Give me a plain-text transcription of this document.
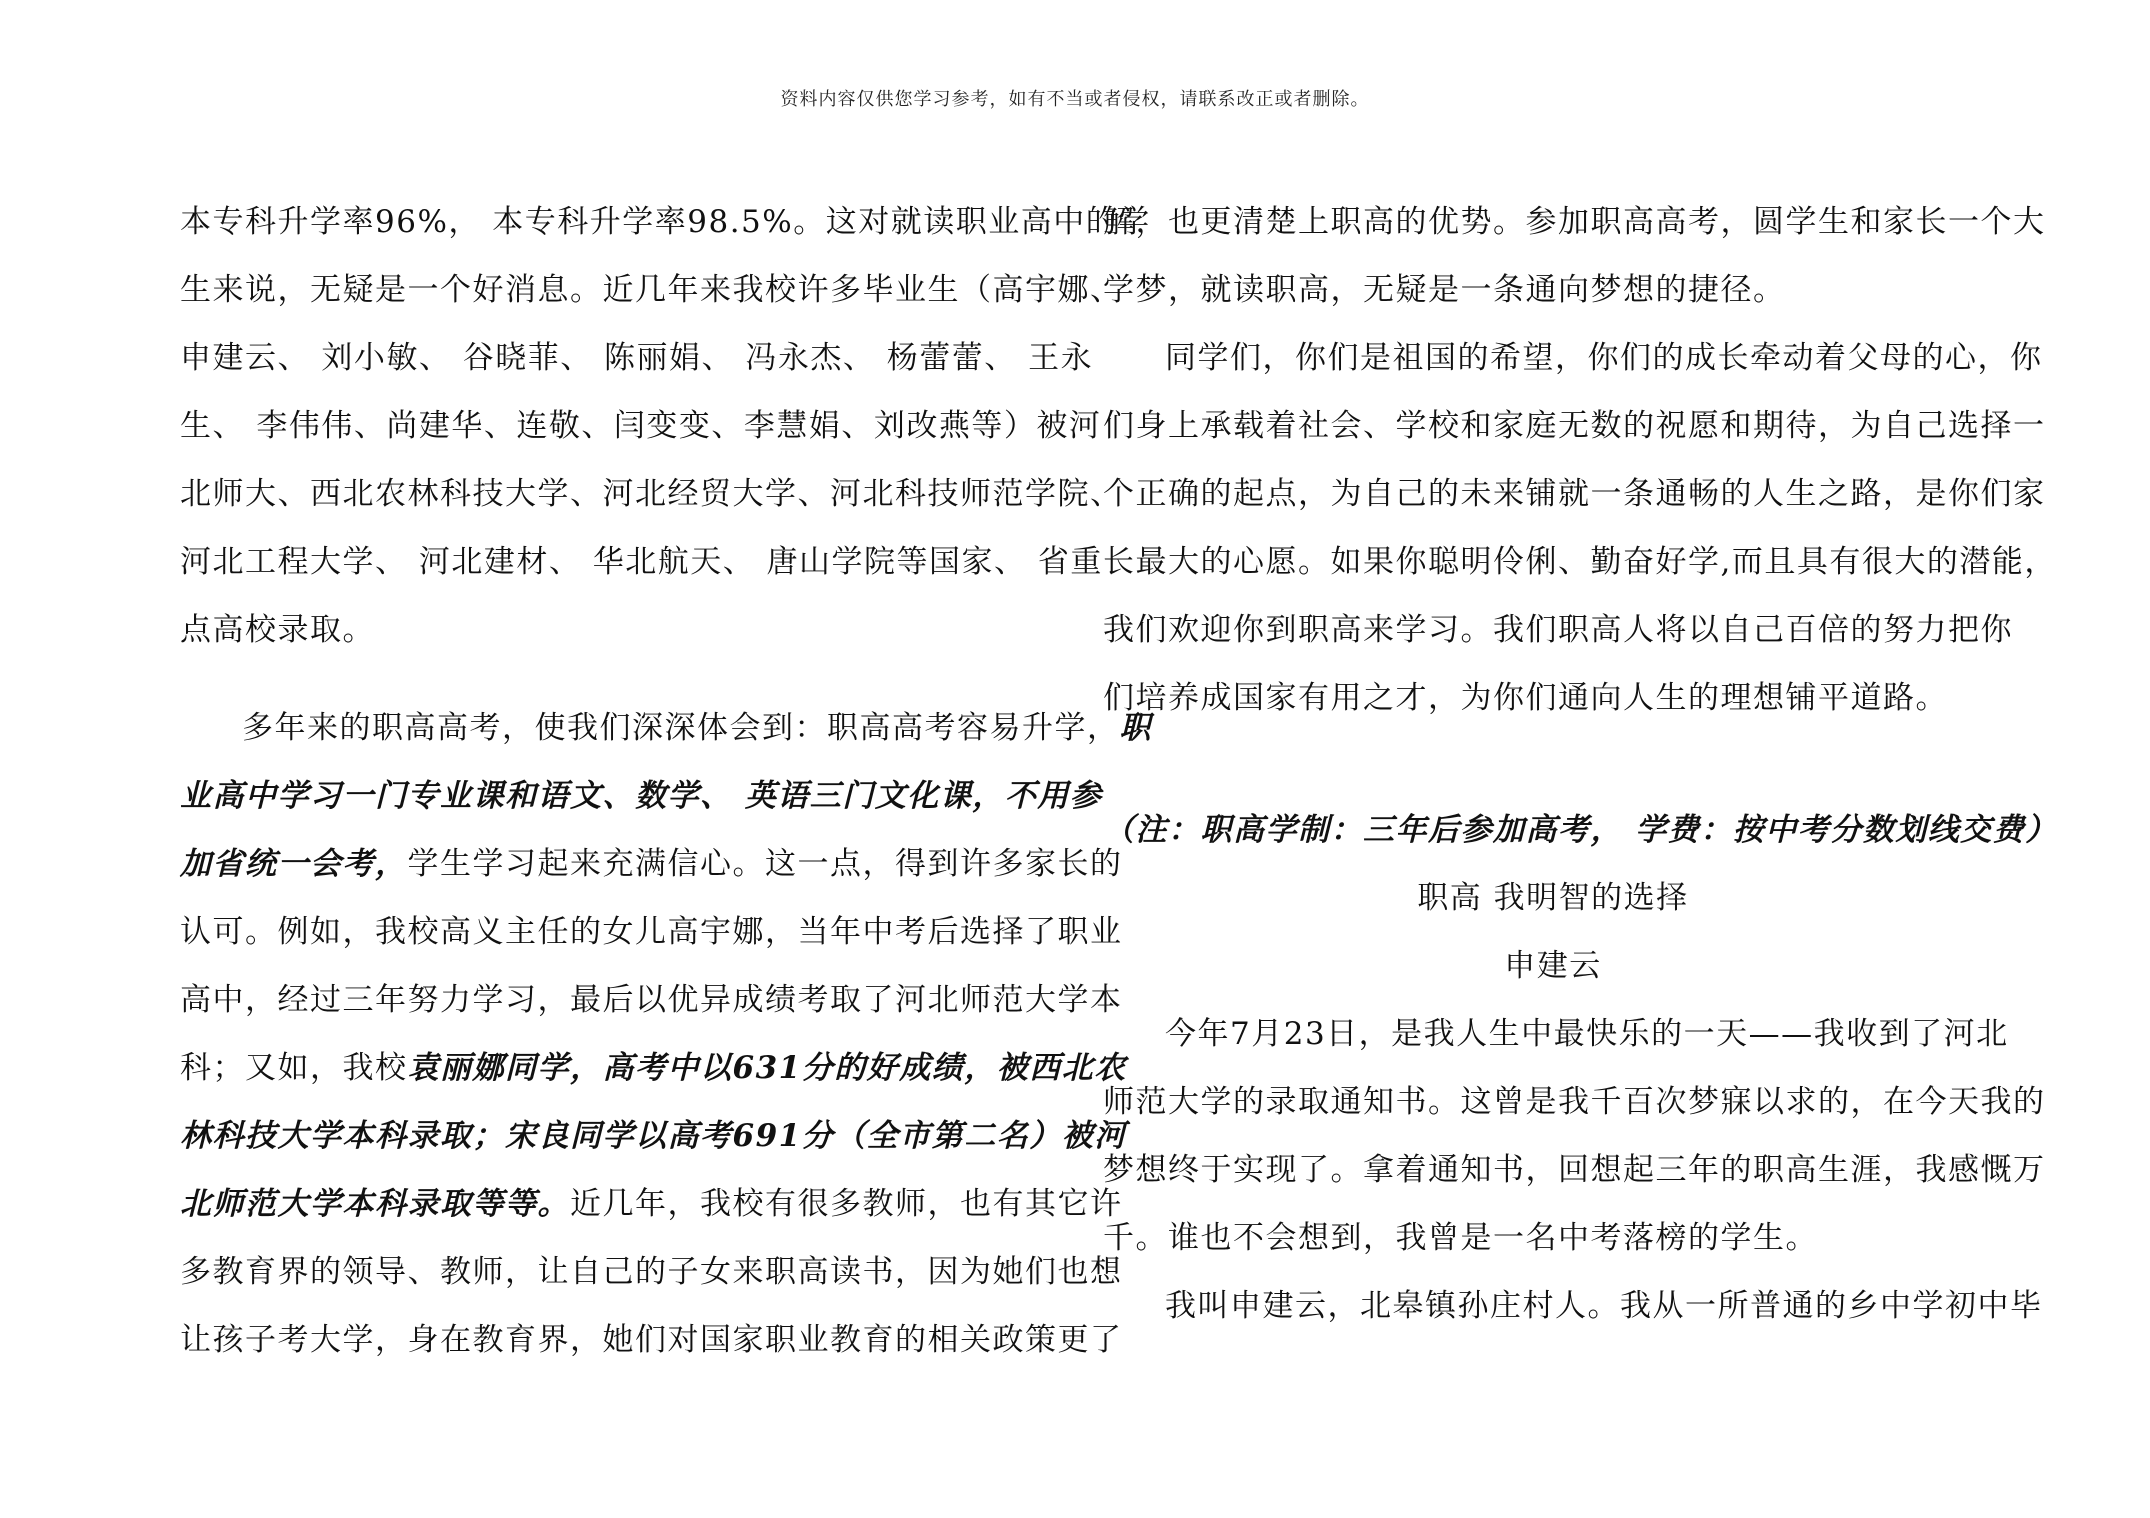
资料内容仅供您学习参考，如有不当或者侵权，请联系改正或者删除。
本专科升学率96%， 本专科升学率98.5%。这对就读职业高中的学
生来说，无疑是一个好消息。近几年来我校许多毕业生（高宇娜、
申建云、 刘小敏、 谷晓菲、 陈丽娟、 冯永杰、 杨蕾蕾、 王永
生、 李伟伟、尚建华、连敬、闫变变、李慧娟、刘改燕等）被河
北师大、西北农林科技大学、河北经贸大学、河北科技师范学院、
河北工程大学、 河北建材、 华北航天、 唐山学院等国家、 省重
点高校录取。
多年来的职高高考，使我们深深体会到：职高高考容易升学，职
业高中学习一门专业课和语文、数学、 英语三门文化课，不用参
加省统一会考，学生学习起来充满信心。这一点，得到许多家长的
认可。例如，我校高义主任的女儿高宇娜，当年中考后选择了职业
高中，经过三年努力学习，最后以优异成绩考取了河北师范大学本
科；又如，我校袁丽娜同学，高考中以631分的好成绩，被西北农
林科技大学本科录取；宋良同学以高考691分（全市第二名）被河
北师范大学本科录取等等。近几年，我校有很多教师，也有其它许
多教育界的领导、教师，让自己的子女来职高读书，因为她们也想
让孩子考大学，身在教育界，她们对国家职业教育的相关政策更了
解，也更清楚上职高的优势。参加职高高考，圆学生和家长一个大
学梦，就读职高，无疑是一条通向梦想的捷径。
同学们，你们是祖国的希望，你们的成长牵动着父母的心，你
们身上承载着社会、学校和家庭无数的祝愿和期待，为自己选择一
个正确的起点，为自己的未来铺就一条通畅的人生之路，是你们家
长最大的心愿。如果你聪明伶俐、勤奋好学,而且具有很大的潜能，
我们欢迎你到职高来学习。我们职高人将以自己百倍的努力把你
们培养成国家有用之才，为你们通向人生的理想铺平道路。
（注：职高学制：三年后参加高考， 学费：按中考分数划线交费）
职高 我明智的选择
申建云
今年7月23日，是我人生中最快乐的一天——我收到了河北
师范大学的录取通知书。这曾是我千百次梦寐以求的，在今天我的
梦想终于实现了。拿着通知书，回想起三年的职高生涯，我感慨万
千。谁也不会想到，我曾是一名中考落榜的学生。
我叫申建云，北皋镇孙庄村人。我从一所普通的乡中学初中毕
